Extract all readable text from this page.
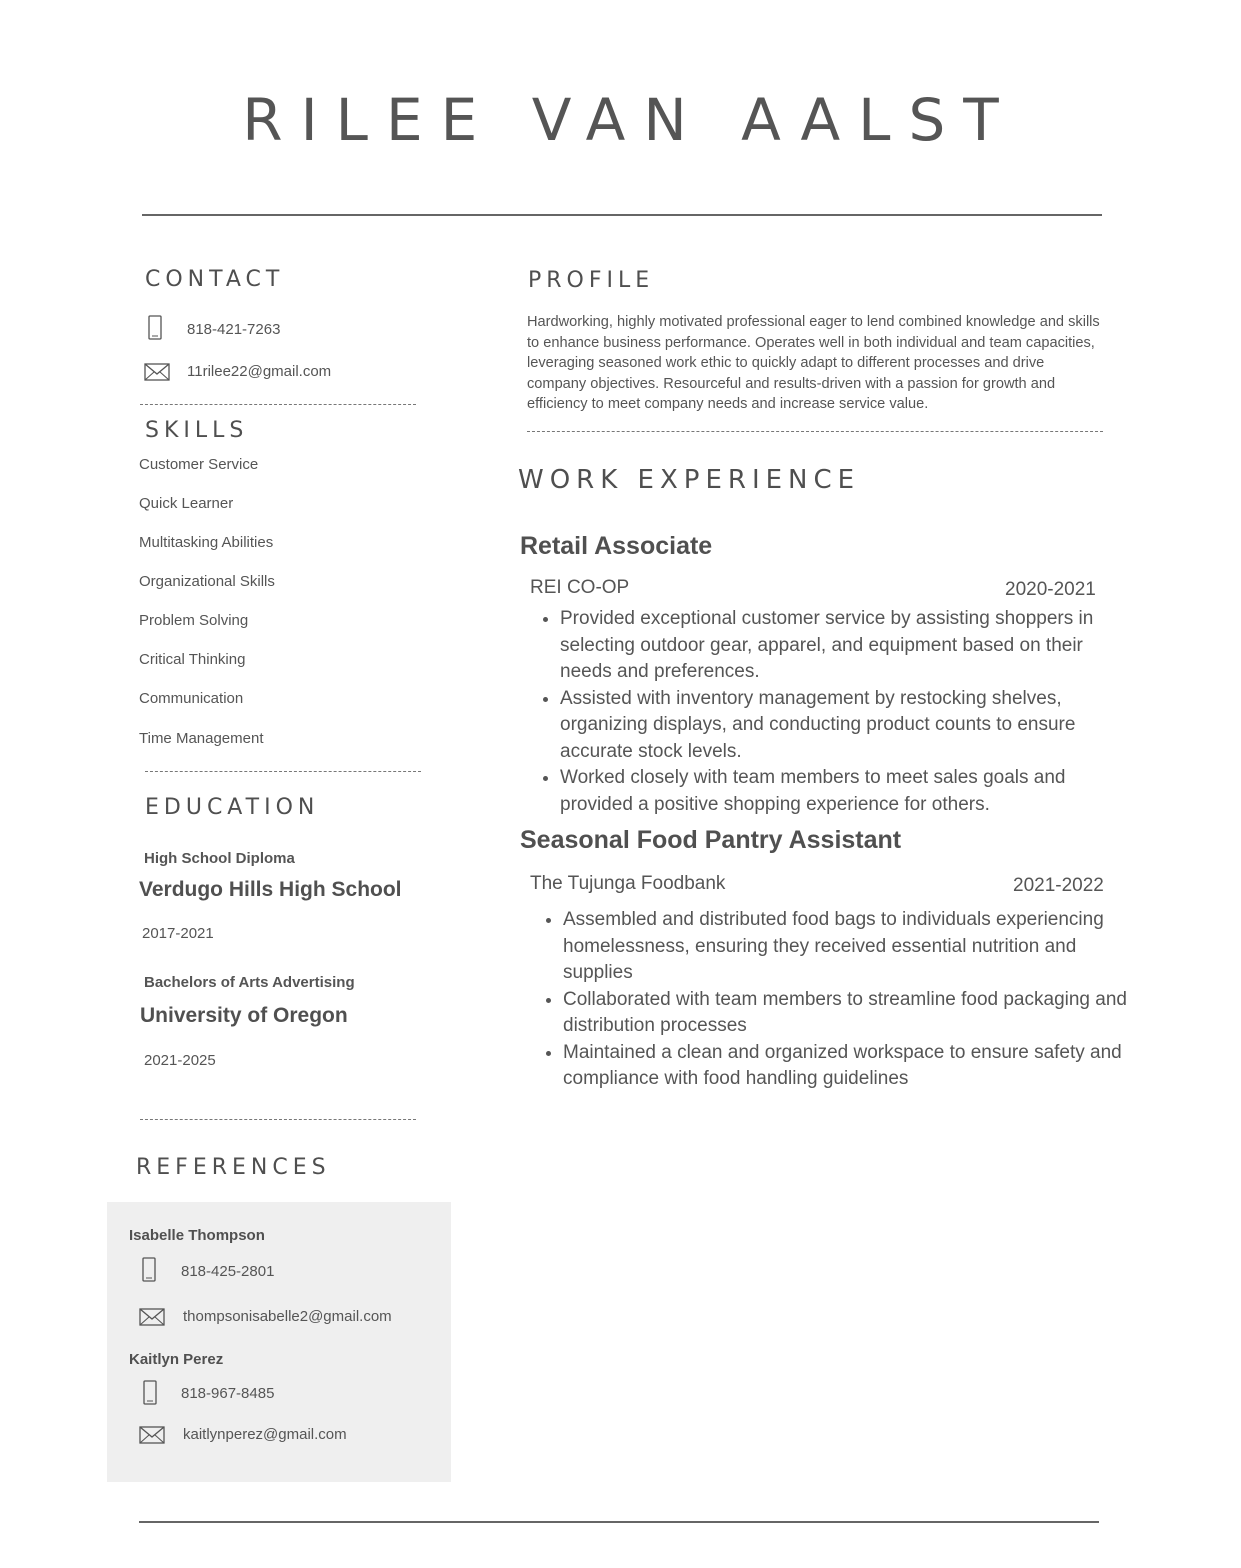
RILEE VAN AALST
CONTACT
818-421-7263
11rilee22@gmail.com
SKILLS
Customer Service
Quick Learner
Multitasking Abilities
Organizational Skills
Problem Solving
Critical Thinking
Communication
Time Management
EDUCATION
High School Diploma
Verdugo Hills High School
2017-2021
Bachelors of Arts Advertising
University of Oregon
2021-2025
REFERENCES
Isabelle Thompson
818-425-2801
thompsonisabelle2@gmail.com
Kaitlyn Perez
818-967-8485
kaitlynperez@gmail.com
PROFILE
Hardworking, highly motivated professional eager to lend combined knowledge and skills to enhance business performance. Operates well in both individual and team capacities, leveraging seasoned work ethic to quickly adapt to different processes and drive company objectives. Resourceful and results-driven with a passion for growth and efficiency to meet company needs and increase service value.
WORK EXPERIENCE
Retail Associate
REI CO-OP	2020-2021
• Provided exceptional customer service by assisting shoppers in selecting outdoor gear, apparel, and equipment based on their needs and preferences.
• Assisted with inventory management by restocking shelves, organizing displays, and conducting product counts to ensure accurate stock levels.
• Worked closely with team members to meet sales goals and provided a positive shopping experience for others.
Seasonal Food Pantry Assistant
The Tujunga Foodbank	2021-2022
• Assembled and distributed food bags to individuals experiencing homelessness, ensuring they received essential nutrition and supplies
• Collaborated with team members to streamline food packaging and distribution processes
• Maintained a clean and organized workspace to ensure safety and compliance with food handling guidelines
